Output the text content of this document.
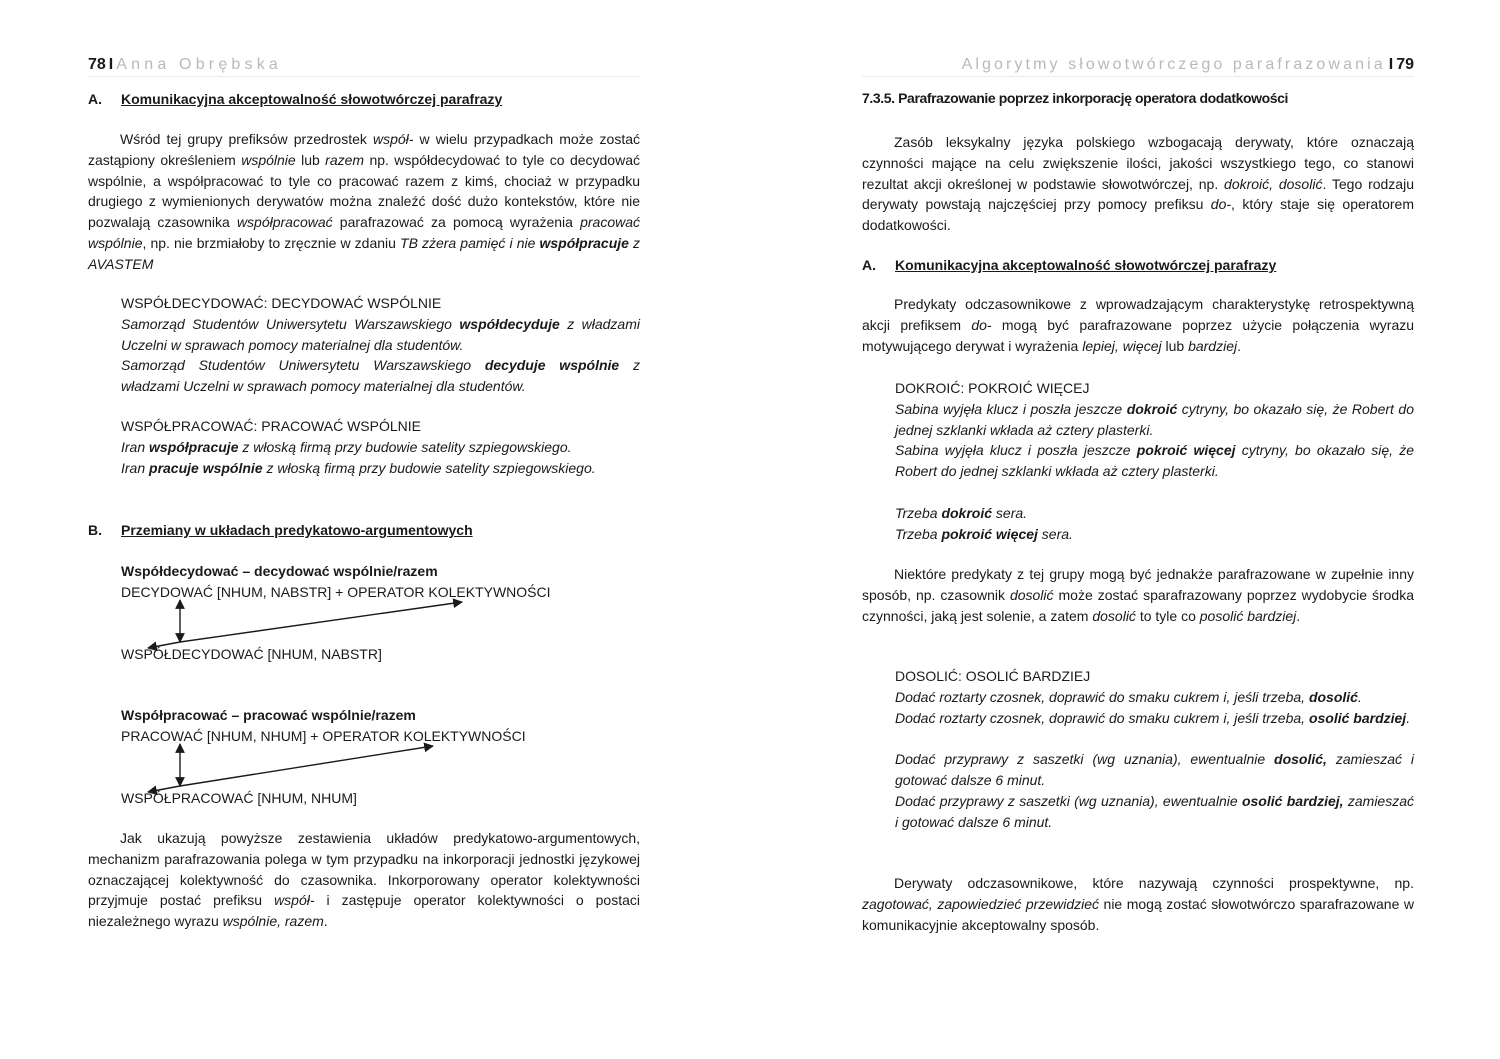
78 I Anna Obrębska
A. Komunikacyjna akceptowalność słowotwórczej parafrazy
Wśród tej grupy prefiksów przedrostek współ- w wielu przypadkach może zostać zastąpiony określeniem wspólnie lub razem np. współdecydować to tyle co decydować wspólnie, a współpracować to tyle co pracować razem z kimś, chociaż w przypadku drugiego z wymienionych derywatów można znaleźć dość dużo kontekstów, które nie pozwalają czasownika współpracować parafrazować za pomocą wyrażenia pracować wspólnie, np. nie brzmiałoby to zręcznie w zdaniu TB zżera pamięć i nie współpracuje z AVASTEM
WSPÓŁDECYDOWAĆ: DECYDOWAĆ WSPÓLNIE
Samorząd Studentów Uniwersytetu Warszawskiego współdecyduje z władzami Uczelni w sprawach pomocy materialnej dla studentów.
Samorząd Studentów Uniwersytetu Warszawskiego decyduje wspólnie z władzami Uczelni w sprawach pomocy materialnej dla studentów.
WSPÓŁPRACOWAĆ: PRACOWAĆ WSPÓLNIE
Iran współpracuje z włoską firmą przy budowie satelity szpiegowskiego.
Iran pracuje wspólnie z włoską firmą przy budowie satelity szpiegowskiego.
B. Przemiany w układach predykatowo-argumentowych
Współdecydować – decydować wspólnie/razem
DECYDOWAĆ [NHUM, NABSTR] + OPERATOR KOLEKTYWNOŚCI
WSPÓŁDECYDOWAĆ [NHUM, NABSTR]
Współpracować – pracować wspólnie/razem
PRACOWAĆ [NHUM, NHUM] + OPERATOR KOLEKTYWNOŚCI
WSPÓŁPRACOWAĆ [NHUM, NHUM]
Jak ukazują powyższe zestawienia układów predykatowo-argumentowych, mechanizm parafrazowania polega w tym przypadku na inkorporacji jednostki językowej oznaczającej kolektywność do czasownika. Inkorporowany operator kolektywności przyjmuje postać prefiksu współ- i zastępuje operator kolektywności o postaci niezależnego wyrazu wspólnie, razem.
Algorytmy słowotwórczego parafrazowania I 79
7.3.5. Parafrazowanie poprzez inkorporację operatora dodatkowości
Zasób leksykalny języka polskiego wzbogacają derywaty, które oznaczają czynności mające na celu zwiększenie ilości, jakości wszystkiego tego, co stanowi rezultat akcji określonej w podstawie słowotwórczej, np. dokroić, dosolić. Tego rodzaju derywaty powstają najczęściej przy pomocy prefiksu do-, który staje się operatorem dodatkowości.
A. Komunikacyjna akceptowalność słowotwórczej parafrazy
Predykaty odczasownikowe z wprowadzającym charakterystykę retrospektywną akcji prefiksem do- mogą być parafrazowane poprzez użycie połączenia wyrazu motywującego derywat i wyrażenia lepiej, więcej lub bardziej.
DOKROIĆ: POKROIĆ WIĘCEJ
Sabina wyjęła klucz i poszła jeszcze dokroić cytryny, bo okazało się, że Robert do jednej szklanki wkłada aż cztery plasterki.
Sabina wyjęła klucz i poszła jeszcze pokroić więcej cytryny, bo okazało się, że Robert do jednej szklanki wkłada aż cztery plasterki.
Trzeba dokroić sera.
Trzeba pokroić więcej sera.
Niektóre predykaty z tej grupy mogą być jednakże parafrazowane w zupełnie inny sposób, np. czasownik dosolić może zostać sparafrazowany poprzez wydobycie środka czynności, jaką jest solenie, a zatem dosolić to tyle co posolić bardziej.
DOSOLIĆ: OSOLIĆ BARDZIEJ
Dodać roztarty czosnek, doprawić do smaku cukrem i, jeśli trzeba, dosolić.
Dodać roztarty czosnek, doprawić do smaku cukrem i, jeśli trzeba, osolić bardziej.
Dodać przyprawy z saszetki (wg uznania), ewentualnie dosolić, zamieszać i gotować dalsze 6 minut.
Dodać przyprawy z saszetki (wg uznania), ewentualnie osolić bardziej, zamieszać i gotować dalsze 6 minut.
Derywaty odczasownikowe, które nazywają czynności prospektywne, np. zagotować, zapowiedzieć przewidzieć nie mogą zostać słowotwórczo sparafrazowane w komunikacyjnie akceptowalny sposób.
